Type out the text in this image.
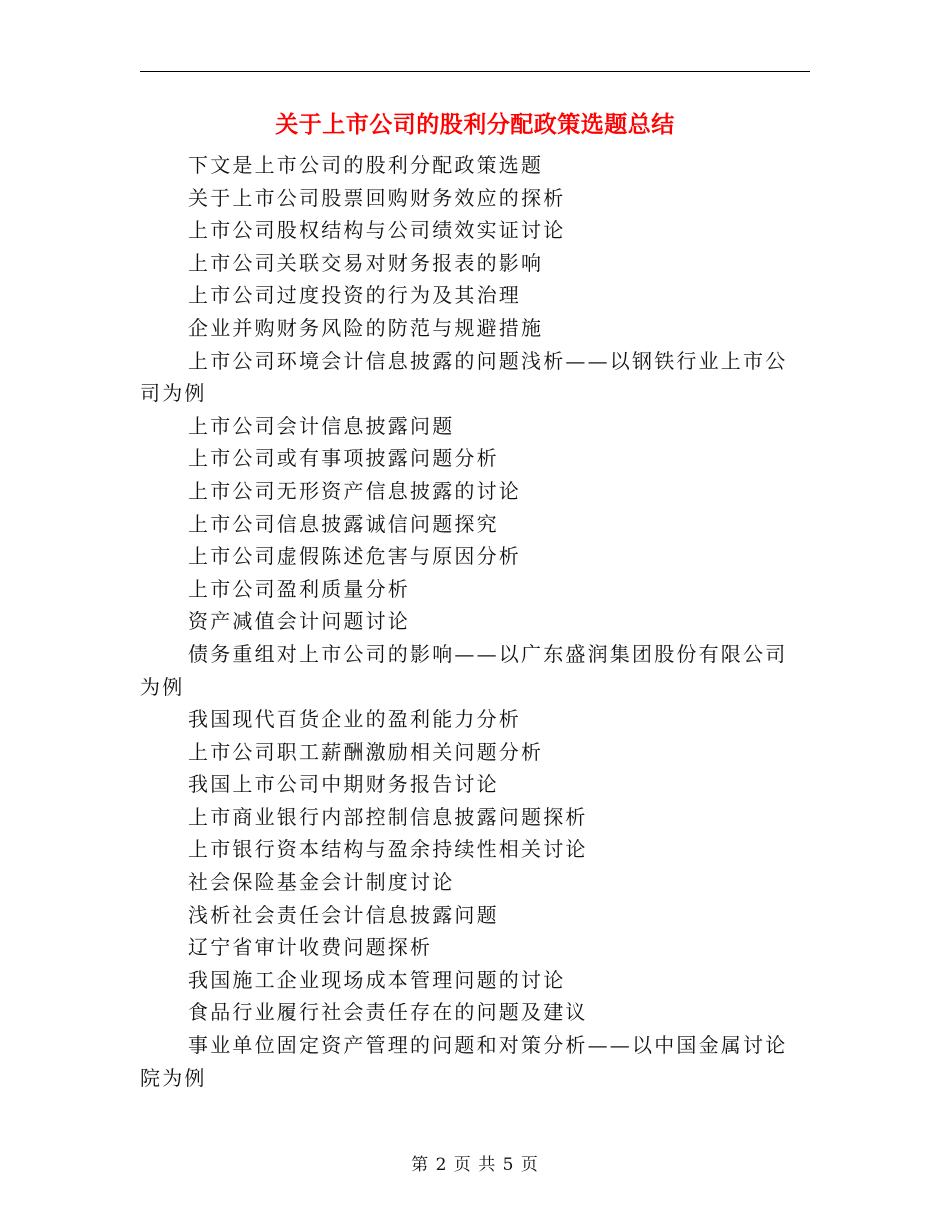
关于上市公司的股利分配政策选题总结

下文是上市公司的股利分配政策选题

关于上市公司股票回购财务效应的探析

上市公司股权结构与公司绩效实证讨论

上市公司关联交易对财务报表的影响

上市公司过度投资的行为及其治理

企业并购财务风险的防范与规避措施

上市公司环境会计信息披露的问题浅析——以钢铁行业上市公司为例

上市公司会计信息披露问题

上市公司或有事项披露问题分析

上市公司无形资产信息披露的讨论

上市公司信息披露诚信问题探究

上市公司虚假陈述危害与原因分析

上市公司盈利质量分析

资产减值会计问题讨论

债务重组对上市公司的影响——以广东盛润集团股份有限公司为例

我国现代百货企业的盈利能力分析

上市公司职工薪酬激励相关问题分析

我国上市公司中期财务报告讨论

上市商业银行内部控制信息披露问题探析

上市银行资本结构与盈余持续性相关讨论

社会保险基金会计制度讨论

浅析社会责任会计信息披露问题

辽宁省审计收费问题探析

我国施工企业现场成本管理问题的讨论

食品行业履行社会责任存在的问题及建议

事业单位固定资产管理的问题和对策分析——以中国金属讨论院为例

第 2 页 共 5 页
